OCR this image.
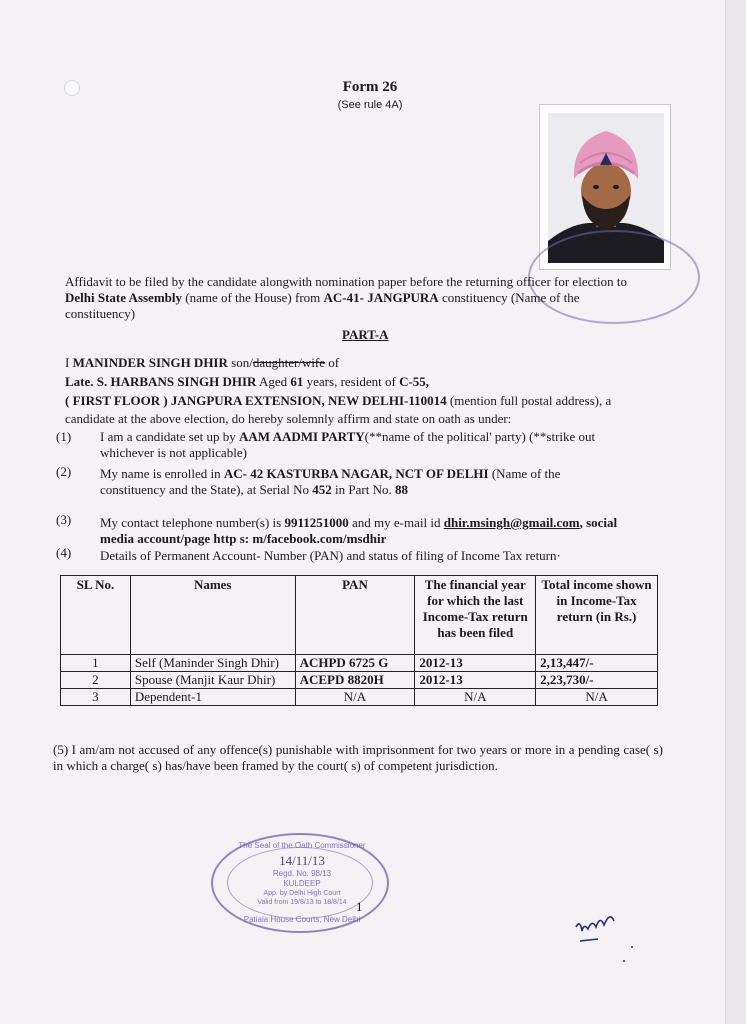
Form 26
(See rule 4A)
Affidavit to be filed by the candidate alongwith nomination paper before the returning officer for election to
Delhi State Assembly (name of the House) from AC-41- JANGPURA constituency (Name of the
constituency)
PART-A
I MANINDER SINGH DHIR son/daughter/wife of
Late. S. HARBANS SINGH DHIR Aged 61 years, resident of C-55,
( FIRST FLOOR ) JANGPURA EXTENSION, NEW DELHI-110014 (mention full postal address), a
candidate at the above election, do hereby solemnly affirm and state on oath as under:
(1) I am a candidate set up by AAM AADMI PARTY(**name of the political' party) (**strike out
whichever is not applicable)
(2) My name is enrolled in AC- 42 KASTURBA NAGAR, NCT OF DELHI (Name of the
constituency and the State), at Serial No 452 in Part No. 88
(3) My contact telephone number(s) is 9911251000 and my e-mail id dhir.msingh@gmail.com, social
media account/page http s: m/facebook.com/msdhir
(4) Details of Permanent Account- Number (PAN) and status of filing of Income Tax return·
SL No.	Names	PAN	The financial year for which the last Income-Tax return has been filed	Total income shown in Income-Tax return (in Rs.)
1	Self (Maninder Singh Dhir)	ACHPD 6725 G	2012-13	2,13,447/-
2	Spouse (Manjit Kaur Dhir)	ACEPD 8820H	2012-13	2,23,730/-
3	Dependent-1	N/A	N/A	N/A
(5) I am/am not accused of any offence(s) punishable with imprisonment for two years or more in a pending case( s) in which a charge( s) has/have been framed by the court( s) of competent jurisdiction.
The Seal of the Oath Commissioner
14/11/13
Regd. No. 98/13
KULDEEP
App. by Delhi High Court
Valid from 19/8/13 to 18/8/14
Patiala House Courts, New Delhi
1
